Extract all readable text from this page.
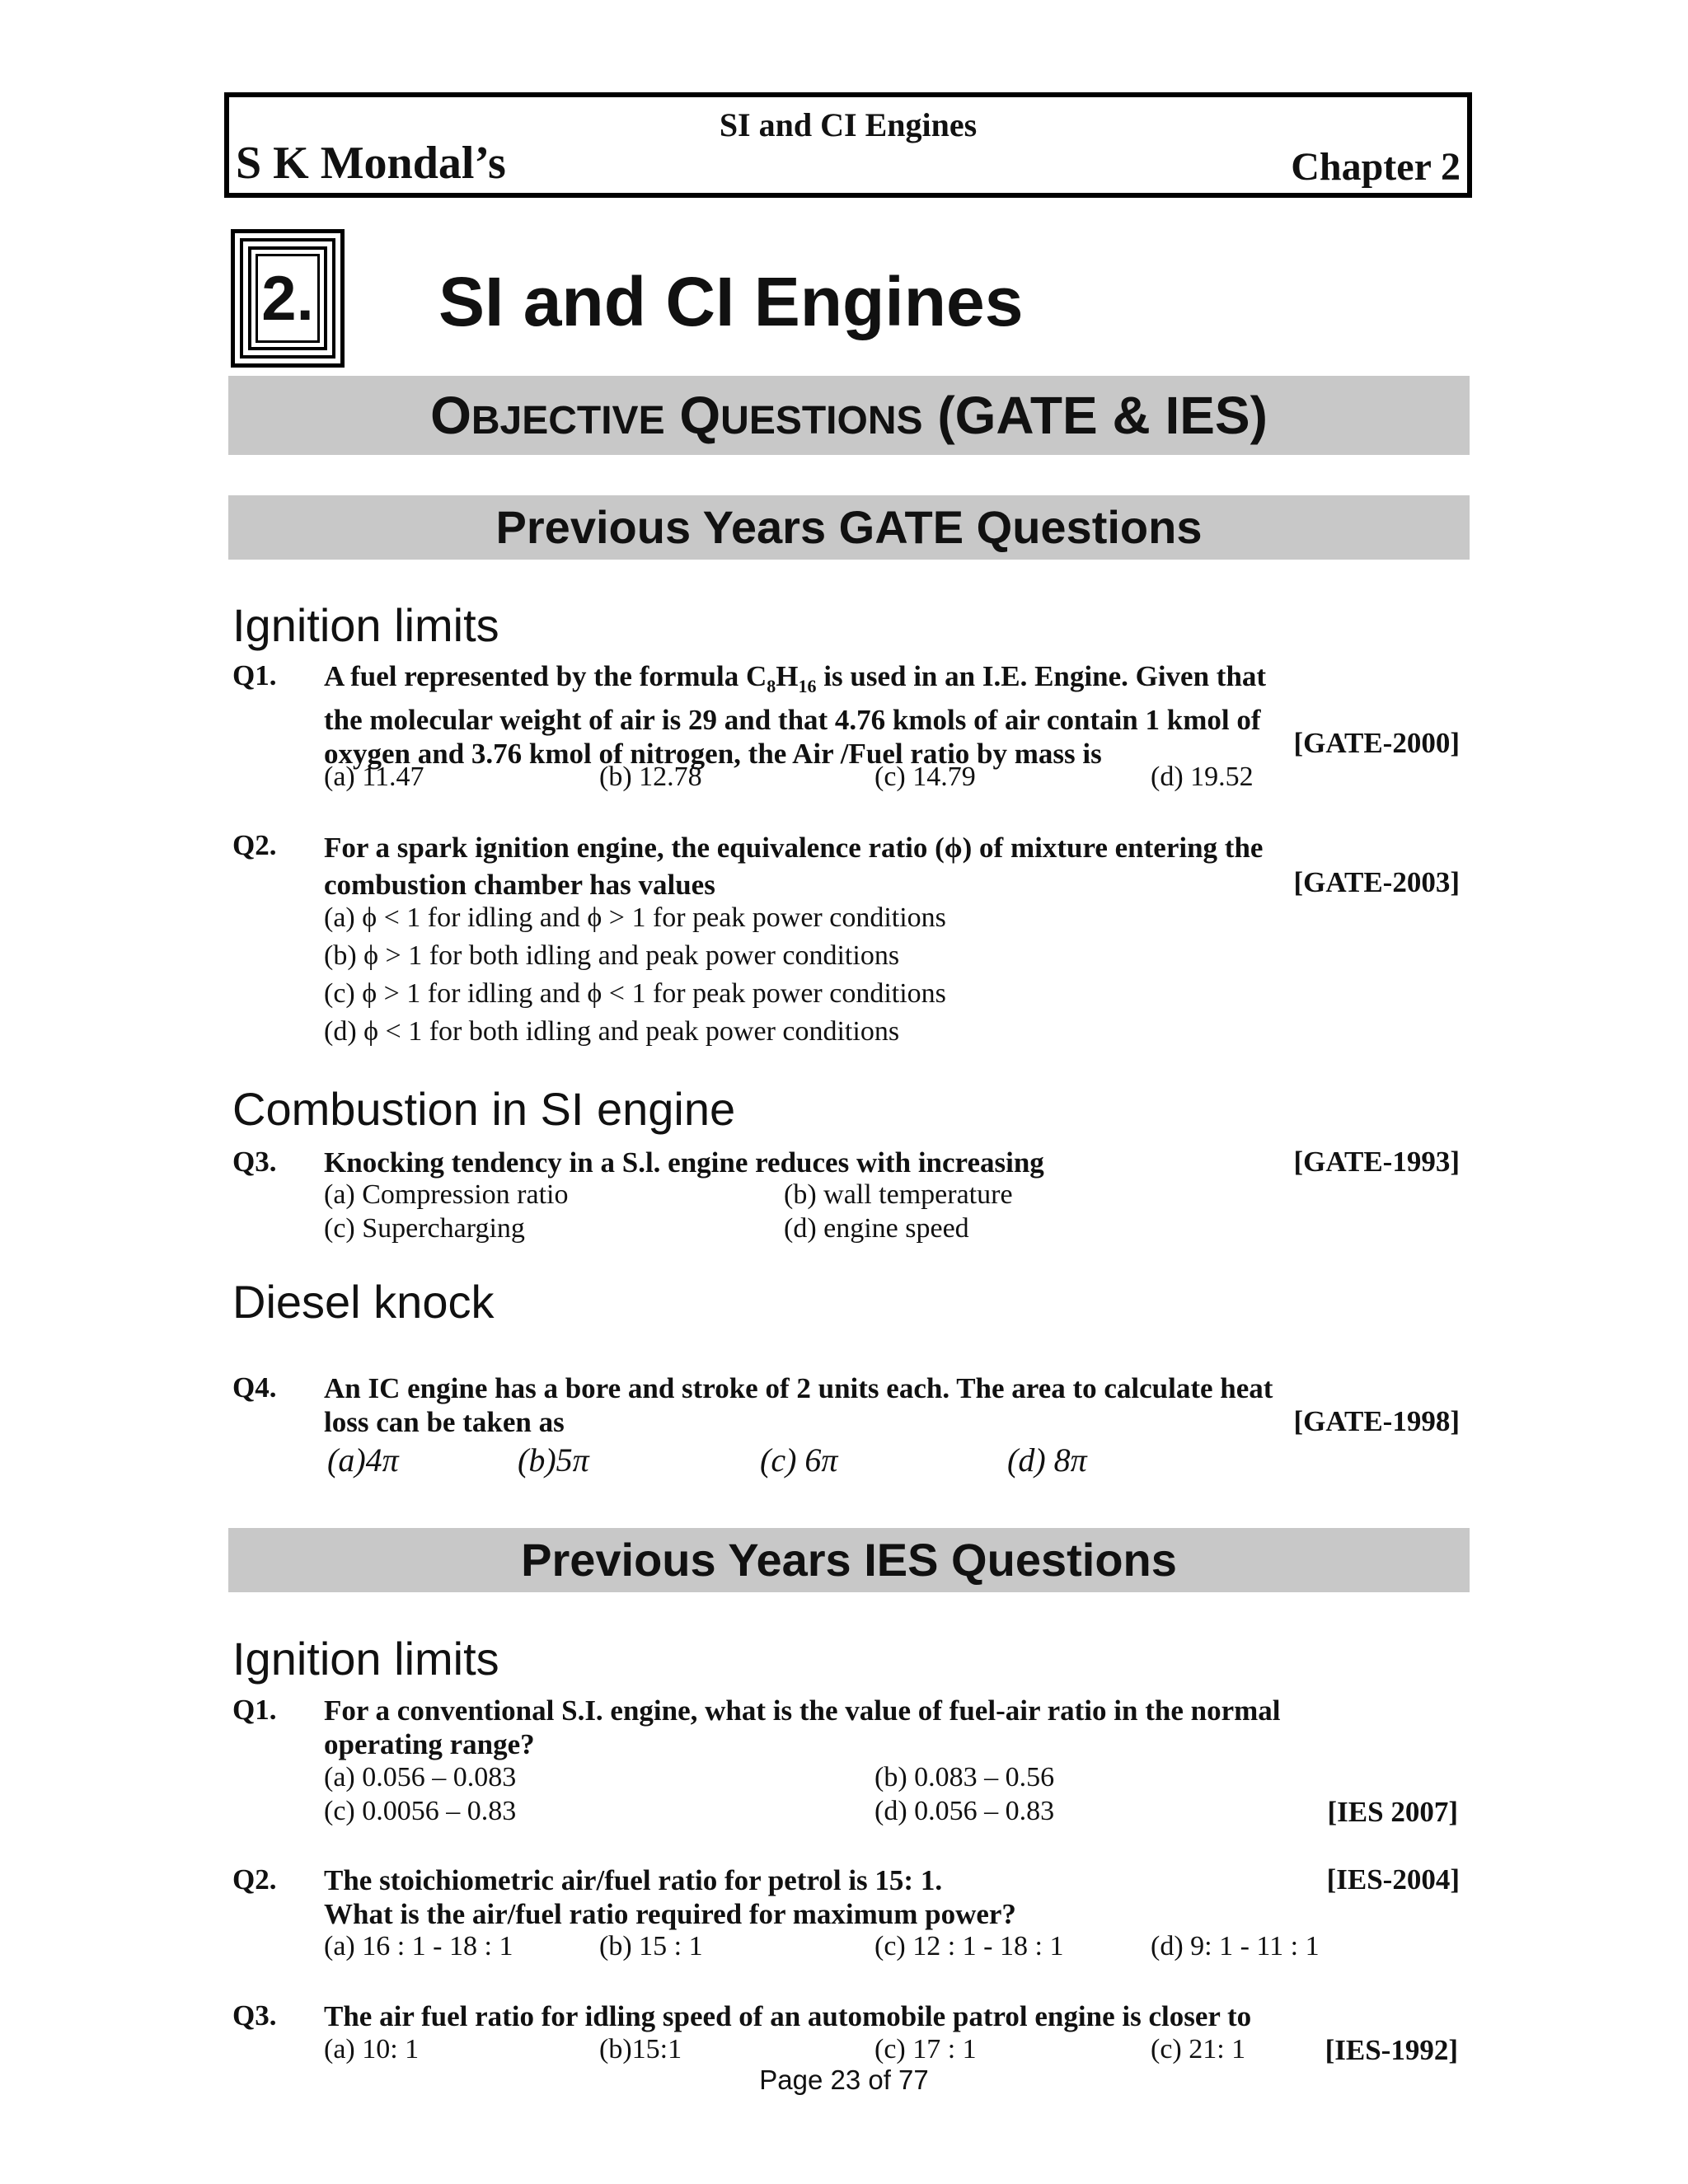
SI and CI Engines
S K Mondal’s	Chapter 2
2. SI and CI Engines
OBJECTIVE QUESTIONS (GATE & IES)
Previous Years GATE Questions
Ignition limits
Q1. A fuel represented by the formula $C_8H_{16}$ is used in an I.E. Engine. Given that
the molecular weight of air is 29 and that 4.76 kmols of air contain 1 kmol of
oxygen and 3.76 kmol of nitrogen, the Air /Fuel ratio by mass is	[GATE-2000]
(a) 11.47	(b) 12.78	(c) 14.79	(d) 19.52
Q2. For a spark ignition engine, the equivalence ratio (ϕ) of mixture entering the
combustion chamber has values	[GATE-2003]
(a) ϕ < 1 for idling and ϕ > 1 for peak power conditions
(b) ϕ > 1 for both idling and peak power conditions
(c) ϕ > 1 for idling and ϕ < 1 for peak power conditions
(d) ϕ < 1 for both idling and peak power conditions
Combustion in SI engine
Q3. Knocking tendency in a S.l. engine reduces with increasing	[GATE-1993]
(a) Compression ratio	(b) wall temperature
(c) Supercharging	(d) engine speed
Diesel knock
Q4. An IC engine has a bore and stroke of 2 units each. The area to calculate heat
loss can be taken as	[GATE-1998]
(a)4π	(b)5π	(c) 6π	(d) 8π
Previous Years IES Questions
Ignition limits
Q1. For a conventional S.I. engine, what is the value of fuel-air ratio in the normal
operating range?
(a) 0.056 – 0.083	(b) 0.083 – 0.56
(c) 0.0056 – 0.83	(d) 0.056 – 0.83	[IES 2007]
Q2. The stoichiometric air/fuel ratio for petrol is 15: 1.
What is the air/fuel ratio required for maximum power?
[IES-2004]
(a) 16 : 1 - 18 : 1	(b) 15 : 1	(c) 12 : 1 - 18 : 1	(d) 9: 1 - 11 : 1
Q3. The air fuel ratio for idling speed of an automobile patrol engine is closer to
(a) 10: 1	(b)15:1	(c) 17 : 1	(c) 21: 1	[IES-1992]
Page 23 of 77
